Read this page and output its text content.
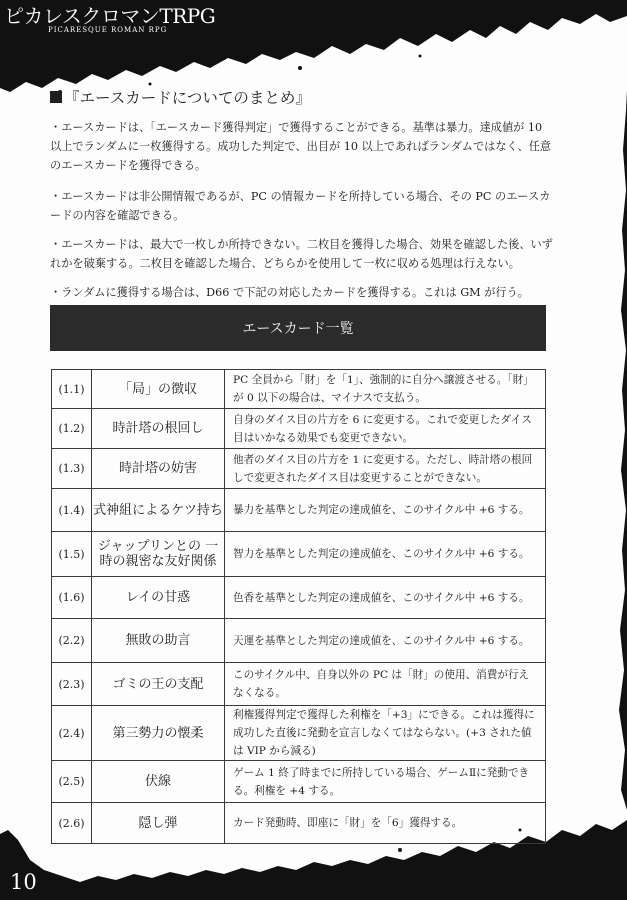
ピカレスクロマンTRPG
PICARESQUE ROMAN RPG
『エースカードについてのまとめ』

・エースカードは、「エースカード獲得判定」で獲得することができる。基準は暴力。達成値が 10 以上でランダムに一枚獲得する。成功した判定で、出目が 10 以上であればランダムではなく、任意のエースカードを獲得できる。

・エースカードは非公開情報であるが、PC の情報カードを所持している場合、その PC のエースカードの内容を確認できる。

・エースカードは、最大で一枚しか所持できない。二枚目を獲得した場合、効果を確認した後、いずれかを破棄する。二枚目を確認した場合、どちらかを使用して一枚に収める処理は行えない。

・ランダムに獲得する場合は、D66 で下記の対応したカードを獲得する。これは GM が行う。

エースカード一覧
(1.1)	「局」の徴収	PC 全員から「財」を「1」、強制的に自分へ譲渡させる。「財」が 0 以下の場合は、マイナスで支払う。
(1.2)	時計塔の根回し	自身のダイス目の片方を 6 に変更する。これで変更したダイス目はいかなる効果でも変更できない。
(1.3)	時計塔の妨害	他者のダイス目の片方を 1 に変更する。ただし、時計塔の根回しで変更されたダイス目は変更することができない。
(1.4)	式神組によるケツ持ち	暴力を基準とした判定の達成値を、このサイクル中 +6 する。
(1.5)	ジャップリンとの 一時の親密な友好関係	智力を基準とした判定の達成値を、このサイクル中 +6 する。
(1.6)	レイの甘惑	色香を基準とした判定の達成値を、このサイクル中 +6 する。
(2.2)	無敗の助言	天運を基準とした判定の達成値を、このサイクル中 +6 する。
(2.3)	ゴミの王の支配	このサイクル中、自身以外の PC は「財」の使用、消費が行えなくなる。
(2.4)	第三勢力の懐柔	利権獲得判定で獲得した利権を「+3」にできる。これは獲得に成功した直後に発動を宣言しなくてはならない。(+3 された値は VIP から減る)
(2.5)	伏線	ゲーム 1 終了時までに所持している場合、ゲームⅡに発動できる。利権を +4 する。
(2.6)	隠し弾	カード発動時、即座に「財」を「6」獲得する。
10
